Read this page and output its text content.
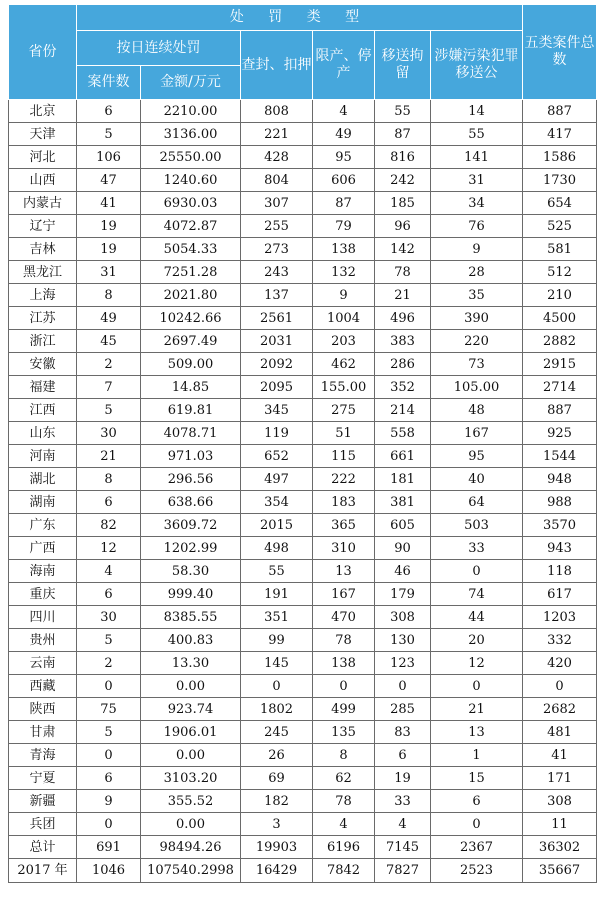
省份	处 罚 类 型						五类案件总数
	按日连续处罚		查封、扣押	限产、停产	移送拘留	涉嫌污染犯罪移送公	
	案件数	金额/万元					
北京	6	2210.00	808	4	55	14	887
天津	5	3136.00	221	49	87	55	417
河北	106	25550.00	428	95	816	141	1586
山西	47	1240.60	804	606	242	31	1730
内蒙古	41	6930.03	307	87	185	34	654
辽宁	19	4072.87	255	79	96	76	525
吉林	19	5054.33	273	138	142	9	581
黑龙江	31	7251.28	243	132	78	28	512
上海	8	2021.80	137	9	21	35	210
江苏	49	10242.66	2561	1004	496	390	4500
浙江	45	2697.49	2031	203	383	220	2882
安徽	2	509.00	2092	462	286	73	2915
福建	7	14.85	2095	155.00	352	105.00	2714
江西	5	619.81	345	275	214	48	887
山东	30	4078.71	119	51	558	167	925
河南	21	971.03	652	115	661	95	1544
湖北	8	296.56	497	222	181	40	948
湖南	6	638.66	354	183	381	64	988
广东	82	3609.72	2015	365	605	503	3570
广西	12	1202.99	498	310	90	33	943
海南	4	58.30	55	13	46	0	118
重庆	6	999.40	191	167	179	74	617
四川	30	8385.55	351	470	308	44	1203
贵州	5	400.83	99	78	130	20	332
云南	2	13.30	145	138	123	12	420
西藏	0	0.00	0	0	0	0	0
陕西	75	923.74	1802	499	285	21	2682
甘肃	5	1906.01	245	135	83	13	481
青海	0	0.00	26	8	6	1	41
宁夏	6	3103.20	69	62	19	15	171
新疆	9	355.52	182	78	33	6	308
兵团	0	0.00	3	4	4	0	11
总计	691	98494.26	19903	6196	7145	2367	36302
2017 年	1046	107540.2998	16429	7842	7827	2523	35667
